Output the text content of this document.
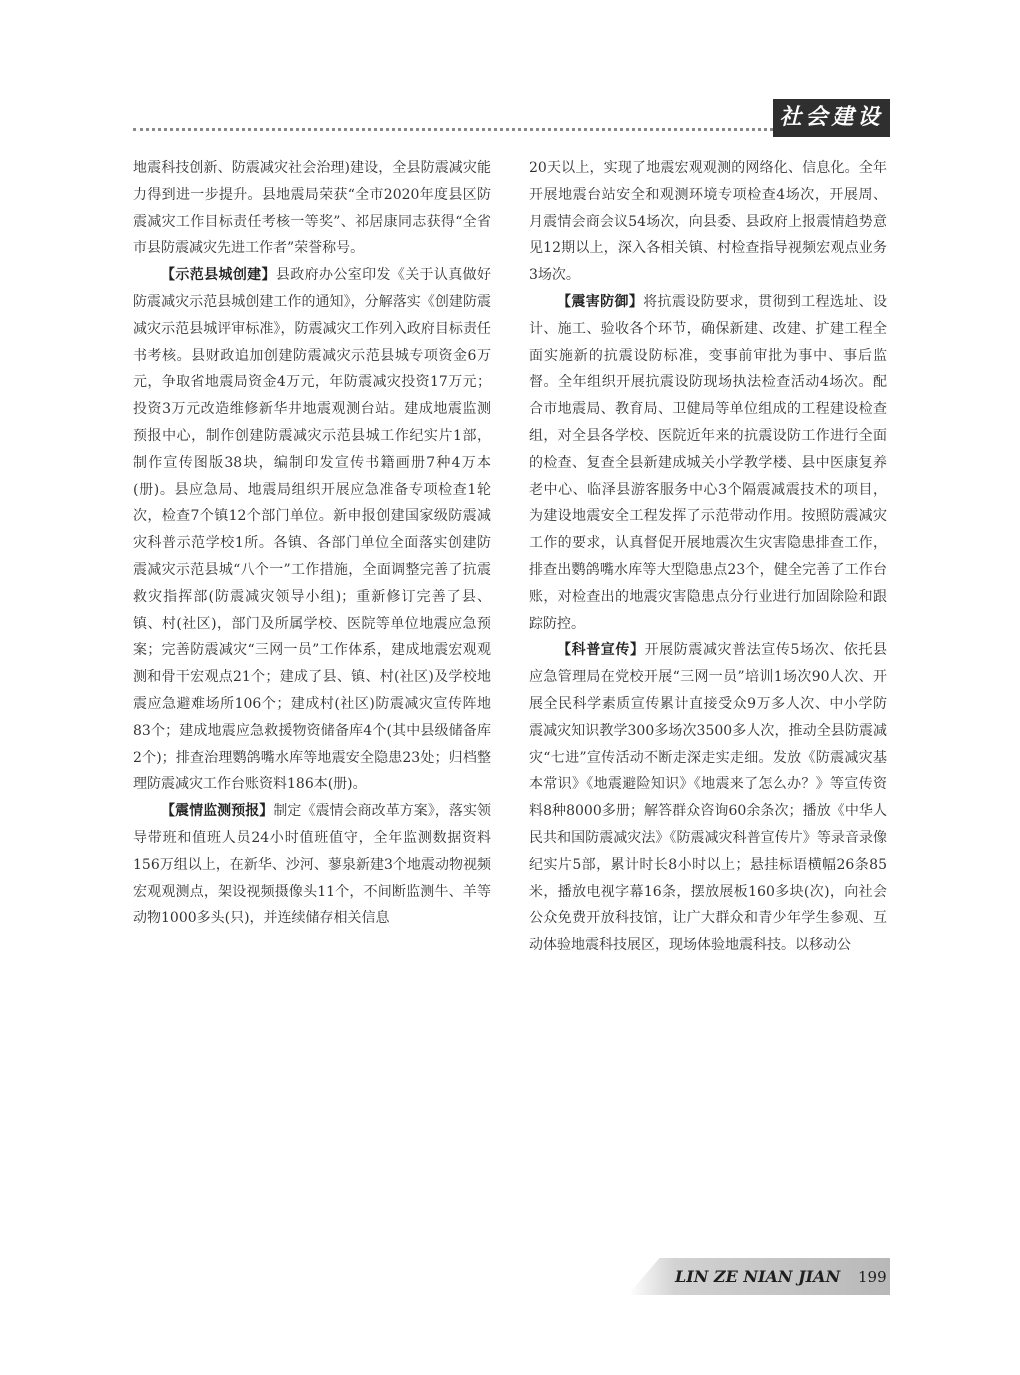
社会建设

地震科技创新、防震减灾社会治理)建设，全县防震减灾能力得到进一步提升。县地震局荣获“全市2020年度县区防震减灾工作目标责任考核一等奖”、祁居康同志获得“全省市县防震减灾先进工作者”荣誉称号。

【示范县城创建】县政府办公室印发《关于认真做好防震减灾示范县城创建工作的通知》，分解落实《创建防震减灾示范县城评审标准》，防震减灾工作列入政府目标责任书考核。县财政追加创建防震减灾示范县城专项资金6万元，争取省地震局资金4万元，年防震减灾投资17万元；投资3万元改造维修新华井地震观测台站。建成地震监测预报中心，制作创建防震减灾示范县城工作纪实片1部，制作宣传图版38块，编制印发宣传书籍画册7种4万本(册)。县应急局、地震局组织开展应急准备专项检查1轮次，检查7个镇12个部门单位。新申报创建国家级防震减灾科普示范学校1所。各镇、各部门单位全面落实创建防震减灾示范县城“八个一”工作措施，全面调整完善了抗震救灾指挥部(防震减灾领导小组)；重新修订完善了县、镇、村(社区)，部门及所属学校、医院等单位地震应急预案；完善防震减灾“三网一员”工作体系，建成地震宏观观测和骨干宏观点21个；建成了县、镇、村(社区)及学校地震应急避难场所106个；建成村(社区)防震减灾宣传阵地83个；建成地震应急救援物资储备库4个(其中县级储备库2个)；排查治理鹦鸽嘴水库等地震安全隐患23处；归档整理防震减灾工作台账资料186本(册)。

【震情监测预报】制定《震情会商改革方案》，落实领导带班和值班人员24小时值班值守，全年监测数据资料156万组以上，在新华、沙河、蓼泉新建3个地震动物视频宏观观测点，架设视频摄像头11个，不间断监测牛、羊等动物1000多头(只)，并连续储存相关信息

20天以上，实现了地震宏观观测的网络化、信息化。全年开展地震台站安全和观测环境专项检查4场次，开展周、月震情会商会议54场次，向县委、县政府上报震情趋势意见12期以上，深入各相关镇、村检查指导视频宏观点业务3场次。

【震害防御】将抗震设防要求，贯彻到工程选址、设计、施工、验收各个环节，确保新建、改建、扩建工程全面实施新的抗震设防标准，变事前审批为事中、事后监督。全年组织开展抗震设防现场执法检查活动4场次。配合市地震局、教育局、卫健局等单位组成的工程建设检查组，对全县各学校、医院近年来的抗震设防工作进行全面的检查、复查全县新建成城关小学教学楼、县中医康复养老中心、临泽县游客服务中心3个隔震减震技术的项目，为建设地震安全工程发挥了示范带动作用。按照防震减灾工作的要求，认真督促开展地震次生灾害隐患排查工作，排查出鹦鸽嘴水库等大型隐患点23个，健全完善了工作台账，对检查出的地震灾害隐患点分行业进行加固除险和跟踪防控。

【科普宣传】开展防震减灾普法宣传5场次、依托县应急管理局在党校开展“三网一员”培训1场次90人次、开展全民科学素质宣传累计直接受众9万多人次、中小学防震减灾知识教学300多场次3500多人次，推动全县防震减灾“七进”宣传活动不断走深走实走细。发放《防震减灾基本常识》《地震避险知识》《地震来了怎么办？》等宣传资料8种8000多册；解答群众咨询60余条次；播放《中华人民共和国防震减灾法》《防震减灾科普宣传片》等录音录像纪实片5部，累计时长8小时以上；悬挂标语横幅26条85米，播放电视字幕16条，摆放展板160多块(次)，向社会公众免费开放科技馆，让广大群众和青少年学生参观、互动体验地震科技展区，现场体验地震科技。以移动公

LIN ZE NIAN JIAN 199
